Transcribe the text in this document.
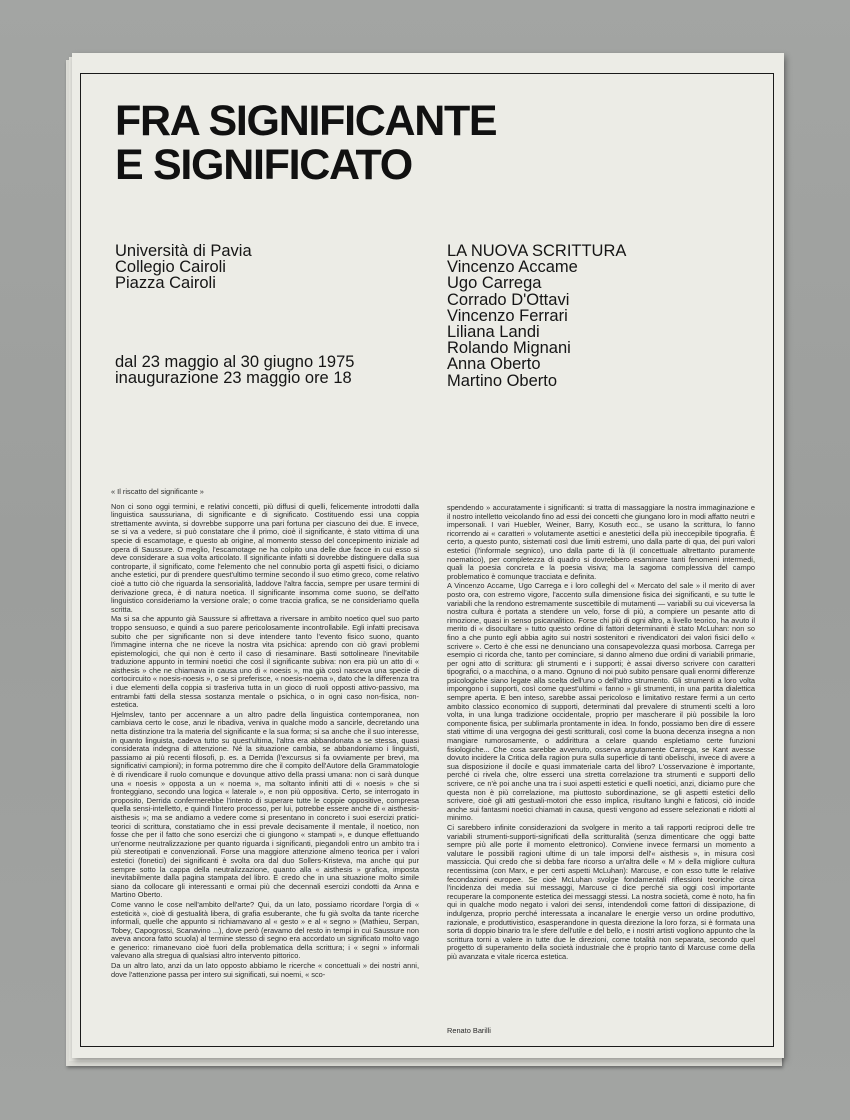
FRA SIGNIFICANTE
E SIGNIFICATO
Università di Pavia
Collegio Cairoli
Piazza Cairoli
dal 23 maggio al 30 giugno 1975
inaugurazione 23 maggio ore 18
LA NUOVA SCRITTURA
Vincenzo Accame
Ugo Carrega
Corrado D'Ottavi
Vincenzo Ferrari
Liliana Landi
Rolando Mignani
Anna Oberto
Martino Oberto

« Il riscatto del significante »

Non ci sono oggi termini, e relativi concetti, più diffusi di quelli, felicemente introdotti dalla linguistica saussuriana, di significante e di significato. Costituendo essi una coppia strettamente avvinta, si dovrebbe supporre una pari fortuna per ciascuno dei due. E invece, se si va a vedere, si può constatare che il primo, cioè il significante, è stato vittima di una specie di escamotage, e questo ab origine, al momento stesso del concepimento iniziale ad opera di Saussure. O meglio, l'escamotage ne ha colpito una delle due facce in cui esso si deve considerare a sua volta articolato. Il significante infatti si dovrebbe distinguere dalla sua controparte, il significato, come l'elemento che nel connubio porta gli aspetti fisici, o diciamo anche estetici, pur di prendere quest'ultimo termine secondo il suo etimo greco, come relativo cioè a tutto ciò che riguarda la sensorialità, laddove l'altra faccia, sempre per usare termini di derivazione greca, è di natura noetica. Il significante insomma come suono, se dell'atto linguistico consideriamo la versione orale; o come traccia grafica, se ne consideriamo quella scritta.

Ma si sa che appunto già Saussure si affrettava a riversare in ambito noetico quel suo parto troppo sensuoso, e quindi a suo parere pericolosamente incontrollabile. Egli infatti precisava subito che per significante non si deve intendere tanto l'evento fisico suono, quanto l'immagine interna che ne riceve la nostra vita psichica: aprendo con ciò gravi problemi epistemologici, che qui non è certo il caso di riesaminare. Basti sottolineare l'inevitabile traduzione appunto in termini noetici che così il significante subiva: non era più un atto di « aisthesis » che ne chiamava in causa uno di « noesis », ma già così nasceva una specie di cortocircuito « noesis-noesis », o se si preferisce, « noesis-noema », dato che la differenza tra i due elementi della coppia si trasferiva tutta in un gioco di ruoli opposti attivo-passivo, ma entrambi fatti della stessa sostanza mentale o psichica, o in ogni caso non-fisica, non-estetica.

Hjelmslev, tanto per accennare a un altro padre della linguistica contemporanea, non cambiava certo le cose, anzi le ribadiva, veniva in qualche modo a sancirle, decretando una netta distinzione tra la materia del significante e la sua forma; si sa anche che il suo interesse, in quanto linguista, cadeva tutto su quest'ultima, l'altra era abbandonata a se stessa, quasi considerata indegna di attenzione. Né la situazione cambia, se abbandoniamo i linguisti, passiamo ai più recenti filosofi, p. es. a Derrida (l'excursus si fa ovviamente per brevi, ma significativi campioni); in forma potremmo dire che il compito dell'Autore della Grammatologie è di rivendicare il ruolo comunque e dovunque attivo della prassi umana: non ci sarà dunque una « noesis » opposta a un « noema », ma soltanto infiniti atti di « noesis » che si fronteggiano, secondo una logica « laterale », e non più oppositiva. Certo, se interrogato in proposito, Derrida confermerebbe l'intento di superare tutte le coppie oppositive, compresa quella sensi-intelletto, e quindi l'intero processo, per lui, potrebbe essere anche di « aisthesis-aisthesis »; ma se andiamo a vedere come si presentano in concreto i suoi esercizi pratici-teorici di scrittura, constatiamo che in essi prevale decisamente il mentale, il noetico, non fosse che per il fatto che sono esercizi che ci giungono « stampati », e dunque effettuando un'enorme neutralizzazione per quanto riguarda i significanti, piegandoli entro un ambito tra i più stereotipati e convenzionali. Forse una maggiore attenzione almeno teorica per i valori estetici (fonetici) dei significanti è svolta ora dal duo Sollers-Kristeva, ma anche qui pur sempre sotto la cappa della neutralizzazione, quanto alla « aisthesis » grafica, imposta inevitabilmente dalla pagina stampata del libro. E credo che in una situazione molto simile siano da collocare gli interessanti e ormai più che decennali esercizi condotti da Anna e Martino Oberto.

Come vanno le cose nell'ambito dell'arte? Qui, da un lato, possiamo ricordare l'orgia di « esteticità », cioè di gestualità libera, di grafia esuberante, che fu già svolta da tante ricerche informali, quelle che appunto si richiamavano al « gesto » e al « segno » (Mathieu, Serpan, Tobey, Capogrossi, Scanavino ...), dove però (eravamo del resto in tempi in cui Saussure non aveva ancora fatto scuola) al termine stesso di segno era accordato un significato molto vago e generico: rimanevano cioè fuori della problematica della scrittura; i « segni » informali valevano alla stregua di qualsiasi altro intervento pittorico.

Da un altro lato, anzi da un lato opposto abbiamo le ricerche « concettuali » dei nostri anni, dove l'attenzione passa per intero sui significati, sui noemi, « sco-

spendendo » accuratamente i significanti: si tratta di massaggiare la nostra immaginazione e il nostro intelletto veicolando fino ad essi dei concetti che giungano loro in modi affatto neutri e impersonali. I vari Huebler, Weiner, Barry, Kosuth ecc., se usano la scrittura, lo fanno ricorrendo ai « caratteri » volutamente asettici e anestetici della più ineccepibile tipografia. È certo, a questo punto, sistemati così due limiti estremi, uno dalla parte di qua, dei puri valori estetici (l'informale segnico), uno dalla parte di là (il concettuale altrettanto puramente noematico), per completezza di quadro si dovrebbero esaminare tanti fenomeni intermedi, quali la poesia concreta e la poesia visiva; ma la sagoma complessiva del campo problematico è comunque tracciata e definita.

A Vincenzo Accame, Ugo Carrega e i loro colleghi del « Mercato del sale » il merito di aver posto ora, con estremo vigore, l'accento sulla dimensione fisica dei significanti, e su tutte le variabili che la rendono estremamente suscettibile di mutamenti — variabili su cui viceversa la nostra cultura è portata a stendere un velo, forse di più, a compiere un pesante atto di rimozione, quasi in senso psicanalitico. Forse chi più di ogni altro, a livello teorico, ha avuto il merito di « disocultare » tutto questo ordine di fattori determinanti è stato McLuhan: non so fino a che punto egli abbia agito sui nostri sostenitori e rivendicatori dei valori fisici dello « scrivere ». Certo è che essi ne denunciano una consapevolezza quasi morbosa. Carrega per esempio ci ricorda che, tanto per cominciare, si danno almeno due ordini di variabili primarie, per ogni atto di scrittura: gli strumenti e i supporti; è assai diverso scrivere con caratteri tipografici, o a macchina, o a mano. Ognuno di noi può subito pensare quali enormi differenze psicologiche siano legate alla scelta dell'uno o dell'altro strumento. Gli strumenti a loro volta impongono i supporti, così come quest'ultimi « fanno » gli strumenti, in una partita dialettica sempre aperta. E ben inteso, sarebbe assai pericoloso e limitativo restare fermi a un certo ambito classico economico di supporti, determinati dal prevalere di strumenti scelti a loro volta, in una lunga tradizione occidentale, proprio per mascherare il più possibile la loro componente fisica, per sublimarla prontamente in idea. In fondo, possiamo ben dire di essere stati vittime di una vergogna dei gesti scritturali, così come la buona decenza insegna a non mangiare rumorosamente, o addirittura a celare quando espletiamo certe funzioni fisiologiche... Che cosa sarebbe avvenuto, osserva argutamente Carrega, se Kant avesse dovuto incidere la Critica della ragion pura sulla superficie di tanti obelischi, invece di avere a sua disposizione il docile e quasi immateriale carta del libro? L'osservazione è importante, perché ci rivela che, oltre esserci una stretta correlazione tra strumenti e supporti dello scrivere, ce n'è poi anche una tra i suoi aspetti estetici e quelli noetici, anzi, diciamo pure che questa non è più correlazione, ma piuttosto subordinazione, se gli aspetti estetici dello scrivere, cioè gli atti gestuali-motori che esso implica, risultano lunghi e faticosi, ciò incide anche sui fantasmi noetici chiamati in causa, questi vengono ad essere selezionati e ridotti al minimo.

Ci sarebbero infinite considerazioni da svolgere in merito a tali rapporti reciproci delle tre variabili strumenti-supporti-significati della scritturalità (senza dimenticare che oggi batte sempre più alle porte il momento elettronico). Conviene invece fermarsi un momento a valutare le possibili ragioni ultime di un tale imporsi dell'« aisthesis », in misura così massiccia. Qui credo che si debba fare ricorso a un'altra delle « M » della migliore cultura recentissima (con Marx, e per certi aspetti McLuhan): Marcuse, e con esso tutte le relative fecondazioni europee. Se cioè McLuhan svolge fondamentali riflessioni teoriche circa l'incidenza dei media sui messaggi, Marcuse ci dice perché sia oggi così importante recuperare la componente estetica dei messaggi stessi. La nostra società, come è noto, ha fin qui in qualche modo negato i valori dei sensi, intendendoli come fattori di dissipazione, di indulgenza, proprio perché interessata a incanalare le energie verso un ordine produttivo, razionale, e produttivistico, esasperandone in questa direzione la loro forza, si è formata una sorta di doppio binario tra le sfere dell'utile e del bello, e i nostri artisti vogliono appunto che la scrittura torni a valere in tutte due le direzioni, come totalità non separata, secondo quel progetto di superamento della società industriale che è proprio tanto di Marcuse come della più avanzata e vitale ricerca estetica.

Renato Barilli
